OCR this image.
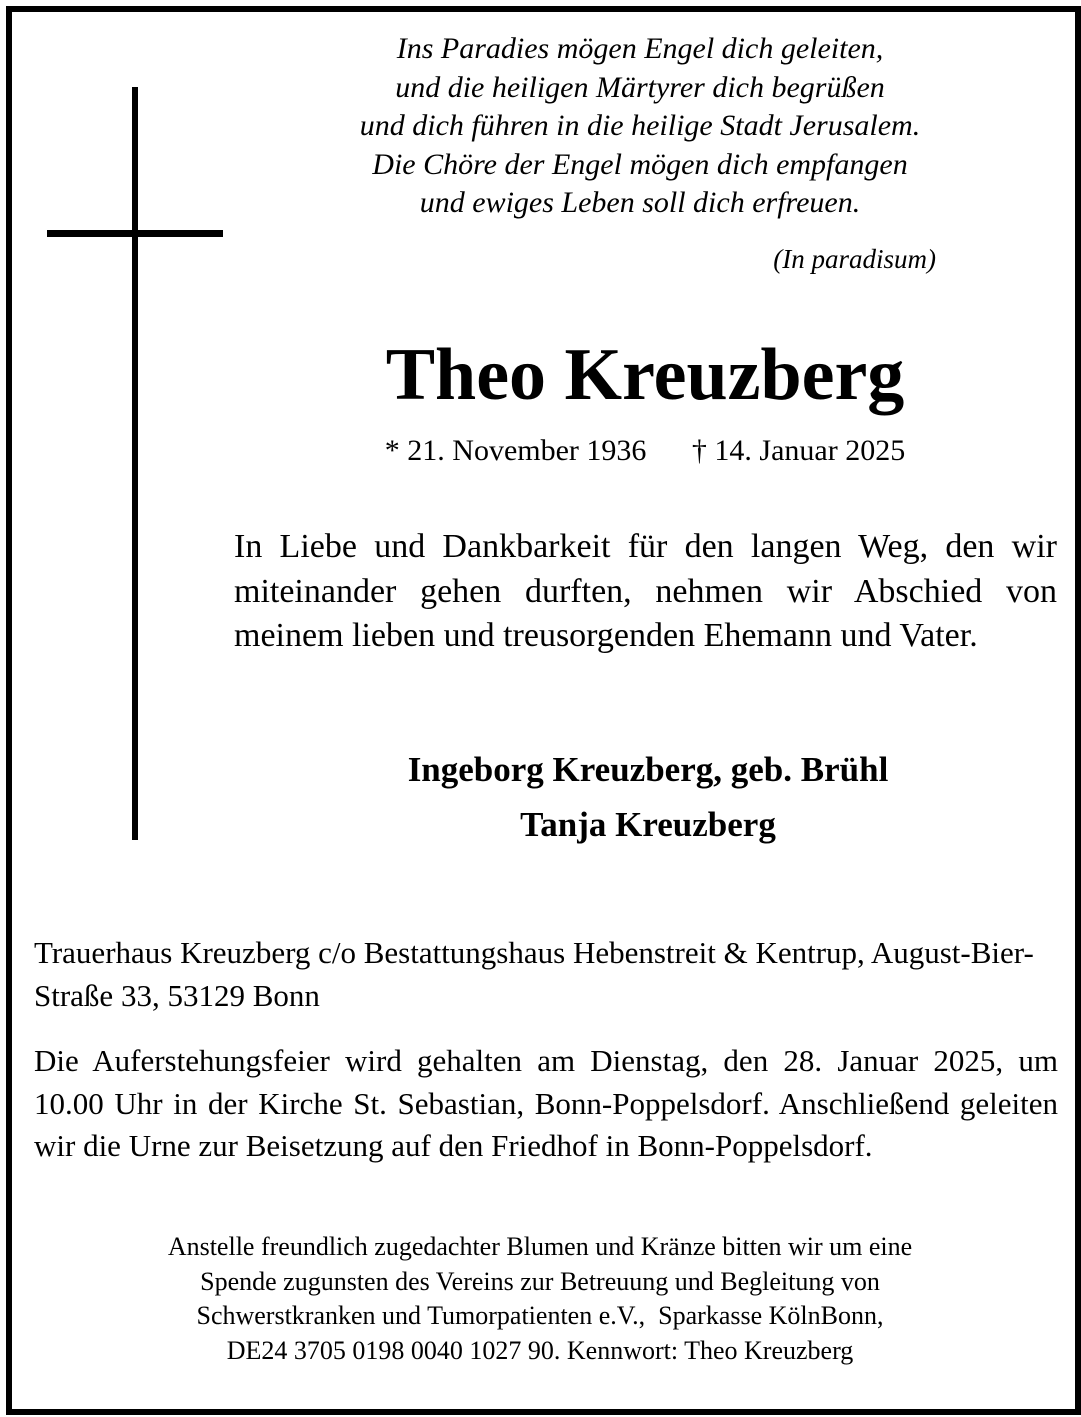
Ins Paradies mögen Engel dich geleiten,
und die heiligen Märtyrer dich begrüßen
und dich führen in die heilige Stadt Jerusalem.
Die Chöre der Engel mögen dich empfangen
und ewiges Leben soll dich erfreuen.
(In paradisum)
Theo Kreuzberg
* 21. November 1936 † 14. Januar 2025
In Liebe und Dankbarkeit für den langen Weg, den wir miteinander gehen durften, nehmen wir Abschied von meinem lieben und treusorgenden Ehemann und Vater.
Ingeborg Kreuzberg, geb. Brühl
Tanja Kreuzberg
Trauerhaus Kreuzberg c/o Bestattungshaus Hebenstreit & Kentrup, August-Bier-Straße 33, 53129 Bonn
Die Auferstehungsfeier wird gehalten am Dienstag, den 28. Januar 2025, um 10.00 Uhr in der Kirche St. Sebastian, Bonn-Poppelsdorf. Anschließend geleiten wir die Urne zur Beisetzung auf den Friedhof in Bonn-Poppelsdorf.
Anstelle freundlich zugedachter Blumen und Kränze bitten wir um eine
Spende zugunsten des Vereins zur Betreuung und Begleitung von
Schwerstkranken und Tumorpatienten e.V.,  Sparkasse KölnBonn,
DE24 3705 0198 0040 1027 90. Kennwort: Theo Kreuzberg
